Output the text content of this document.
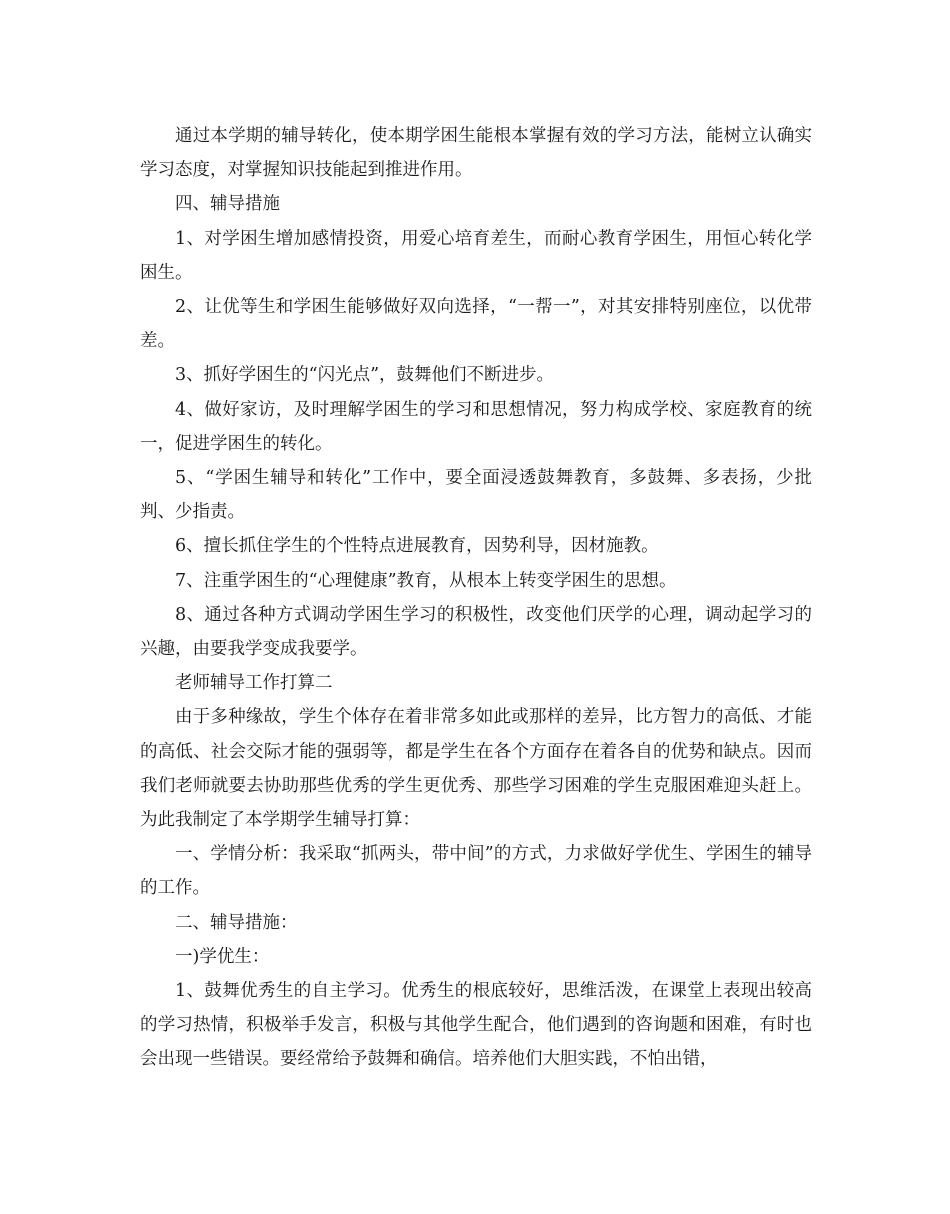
通过本学期的辅导转化，使本期学困生能根本掌握有效的学习方法，能树立认确实学习态度，对掌握知识技能起到推进作用。

四、辅导措施

1、对学困生增加感情投资，用爱心培育差生，而耐心教育学困生，用恒心转化学困生。

2、让优等生和学困生能够做好双向选择，“一帮一”，对其安排特别座位，以优带差。

3、抓好学困生的“闪光点”，鼓舞他们不断进步。

4、做好家访，及时理解学困生的学习和思想情况，努力构成学校、家庭教育的统一，促进学困生的转化。

5、“学困生辅导和转化”工作中，要全面浸透鼓舞教育，多鼓舞、多表扬，少批判、少指责。

6、擅长抓住学生的个性特点进展教育，因势利导，因材施教。

7、注重学困生的“心理健康”教育，从根本上转变学困生的思想。

8、通过各种方式调动学困生学习的积极性，改变他们厌学的心理，调动起学习的兴趣，由要我学变成我要学。

老师辅导工作打算二

由于多种缘故，学生个体存在着非常多如此或那样的差异，比方智力的高低、才能的高低、社会交际才能的强弱等，都是学生在各个方面存在着各自的优势和缺点。因而我们老师就要去协助那些优秀的学生更优秀、那些学习困难的学生克服困难迎头赶上。为此我制定了本学期学生辅导打算：

一、学情分析：我采取“抓两头，带中间”的方式，力求做好学优生、学困生的辅导的工作。

二、辅导措施：

一)学优生：

1、鼓舞优秀生的自主学习。优秀生的根底较好，思维活泼，在课堂上表现出较高的学习热情，积极举手发言，积极与其他学生配合，他们遇到的咨询题和困难，有时也会出现一些错误。要经常给予鼓舞和确信。培养他们大胆实践，不怕出错，
